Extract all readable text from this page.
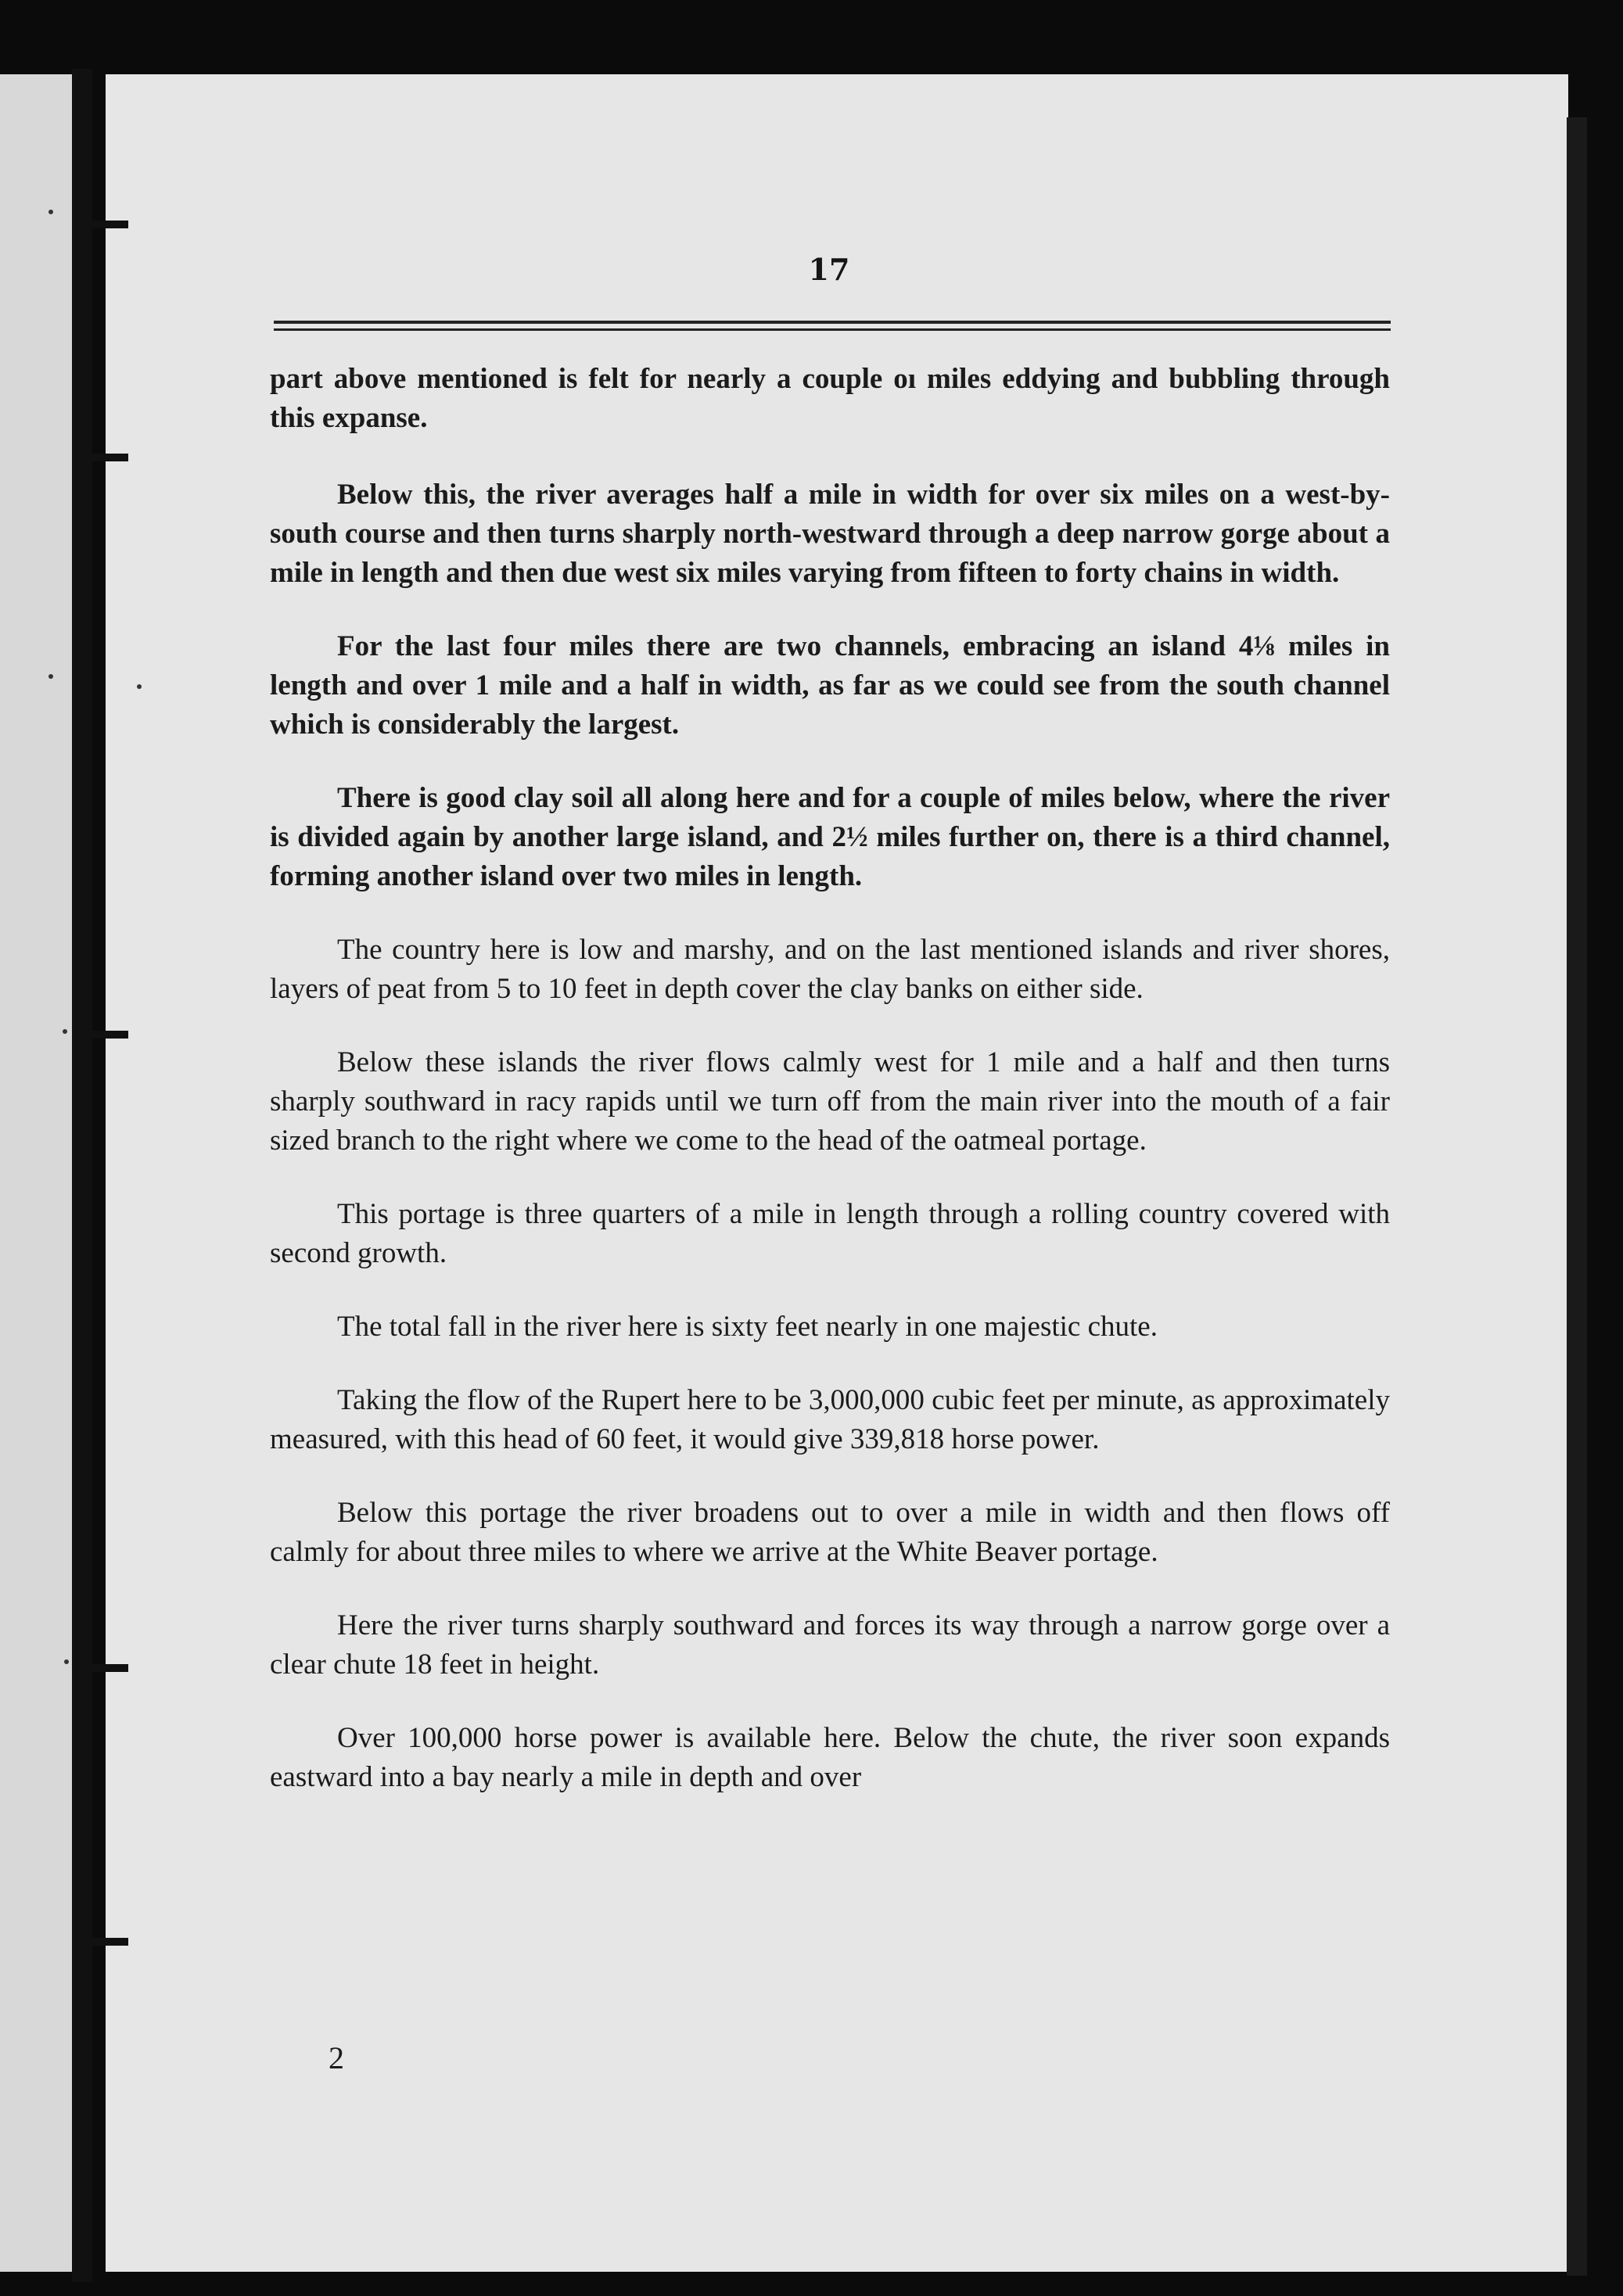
17

part above mentioned is felt for nearly a couple oı miles eddying and bubbling through this expanse.

Below this, the river averages half a mile in width for over six miles on a west-by-south course and then turns sharply north-westward through a deep narrow gorge about a mile in length and then due west six miles varying from fifteen to forty chains in width.

For the last four miles there are two channels, embracing an island 4⅛ miles in length and over 1 mile and a half in width, as far as we could see from the south channel which is considerably the largest.

There is good clay soil all along here and for a couple of miles below, where the river is divided again by another large island, and 2½ miles further on, there is a third channel, forming another island over two miles in length.

The country here is low and marshy, and on the last mentioned islands and river shores, layers of peat from 5 to 10 feet in depth cover the clay banks on either side.

Below these islands the river flows calmly west for 1 mile and a half and then turns sharply southward in racy rapids until we turn off from the main river into the mouth of a fair sized branch to the right where we come to the head of the oatmeal portage.

This portage is three quarters of a mile in length through a rolling country covered with second growth.

The total fall in the river here is sixty feet nearly in one majestic chute.

Taking the flow of the Rupert here to be 3,000,000 cubic feet per minute, as approximately measured, with this head of 60 feet, it would give 339,818 horse power.

Below this portage the river broadens out to over a mile in width and then flows off calmly for about three miles to where we arrive at the White Beaver portage.

Here the river turns sharply southward and forces its way through a narrow gorge over a clear chute 18 feet in height.

Over 100,000 horse power is available here. Below the chute, the river soon expands eastward into a bay nearly a mile in depth and over

2
